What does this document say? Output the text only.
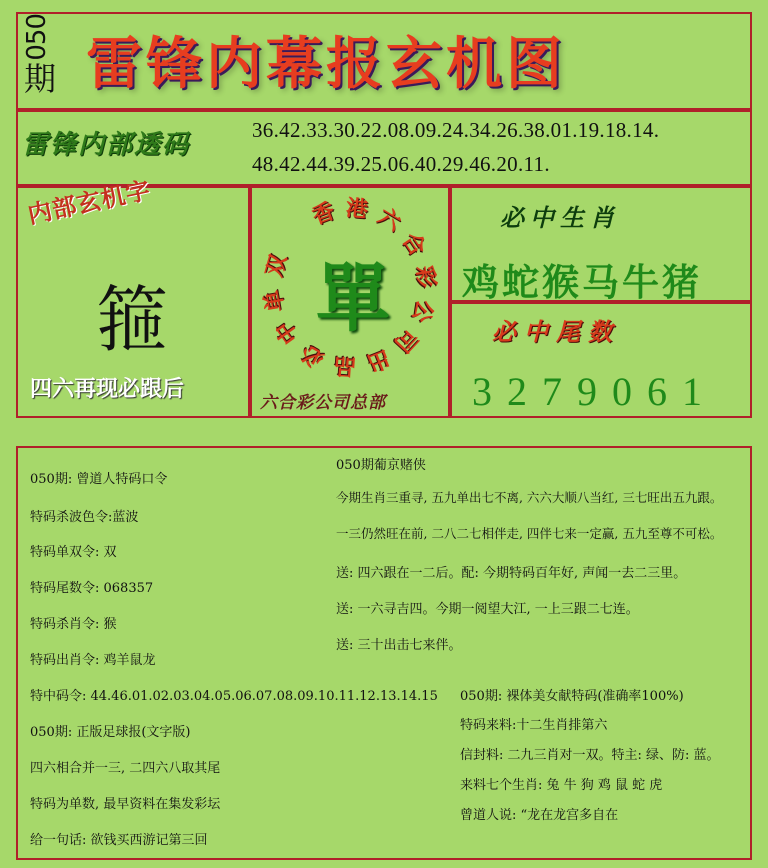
050
期 雷锋内幕报玄机图
雷锋内部透码	36.42.33.30.22.08.09.24.34.26.38.01.19.18.14.
48.42.44.39.25.06.40.29.46.20.11.
内部玄机字
箍
四六再现必跟后
單
香 港 六
合
彩
公
司
出
品
必
中
单
双
六合彩公司总部
必中生肖
鸡蛇猴马牛猪
必中尾数
3279061
050期: 曾道人特码口令
特码杀波色令:蓝波
特码单双令: 双
特码尾数令: 068357
特码杀肖令: 猴
特码出肖令: 鸡羊鼠龙
050期葡京赌侠
今期生肖三重寻, 五九单出七不离, 六六大顺八当红, 三七旺出五九跟。
一三仍然旺在前, 二八二七相伴走, 四伴七来一定赢, 五九至尊不可松。
送: 四六跟在一二后。配: 今期特码百年好, 声闻一去二三里。
送: 一六寻吉四。今期一阅望大江, 一上三跟二七连。
送: 三十出击七来伴。
特中码令: 44.46.01.02.03.04.05.06.07.08.09.10.11.12.13.14.15
050期: 正版足球报(文字版)
四六相合并一三, 二四六八取其尾
特码为单数, 最早资料在集发彩坛
给一句话: 欲钱买西游记第三回
050期: 裸体美女献特码(准确率100%)
特码来料:十二生肖排第六
信封料: 二九三肖对一双。特主: 绿、防: 蓝。
来料七个生肖: 兔 牛 狗 鸡 鼠 蛇 虎
曾道人说: “龙在龙宫多自在
